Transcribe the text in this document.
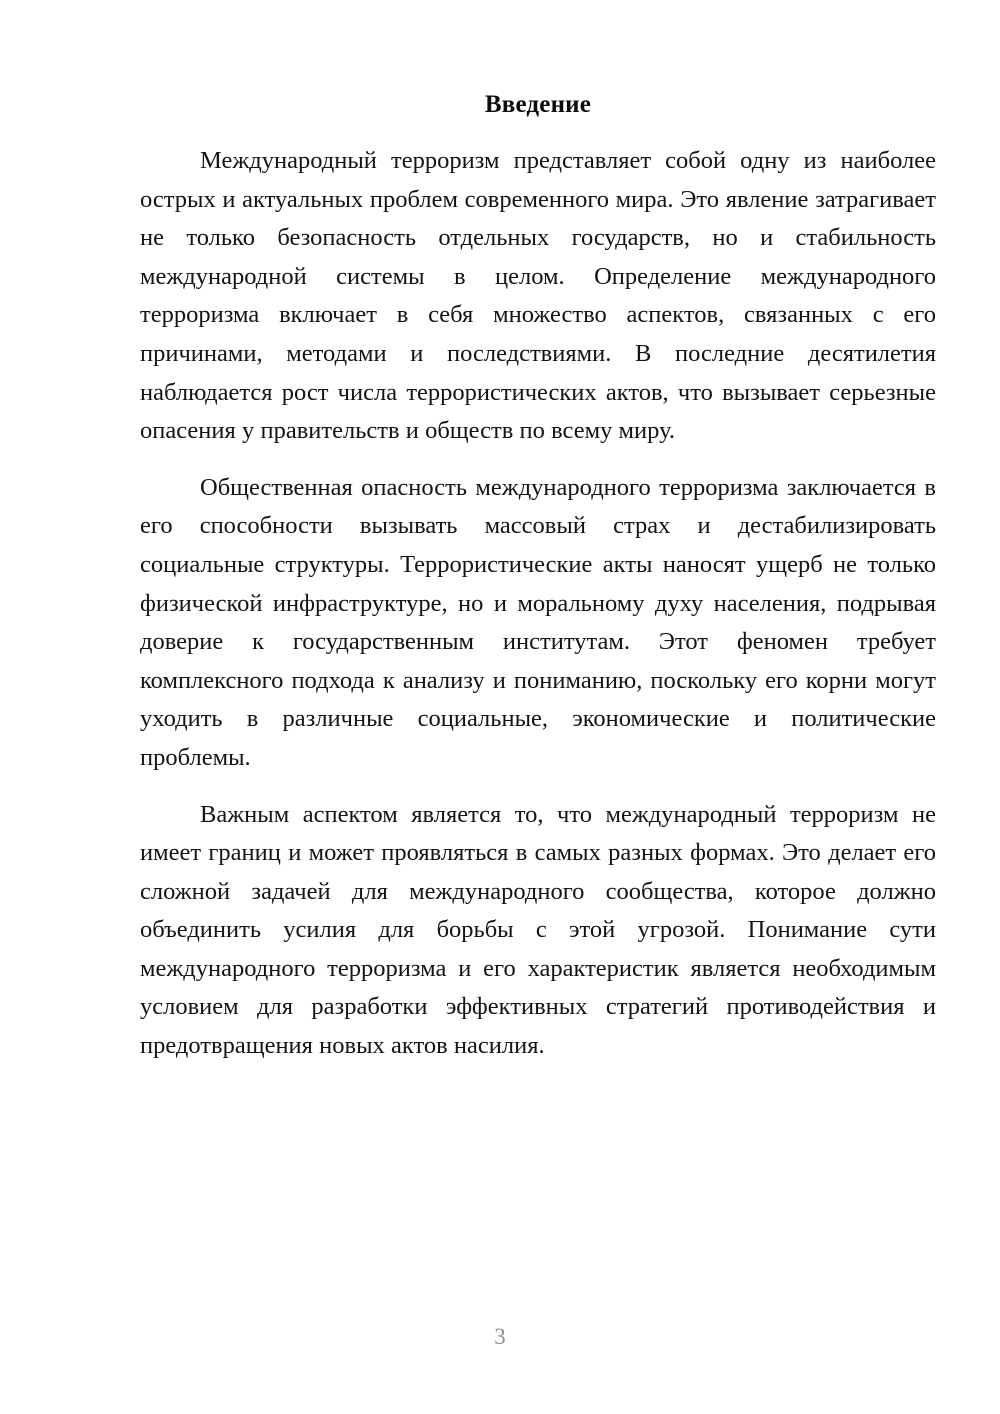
Введение

Международный терроризм представляет собой одну из наиболее острых и актуальных проблем современного мира. Это явление затрагивает не только безопасность отдельных государств, но и стабильность международной системы в целом. Определение международного терроризма включает в себя множество аспектов, связанных с его причинами, методами и последствиями. В последние десятилетия наблюдается рост числа террористических актов, что вызывает серьезные опасения у правительств и обществ по всему миру.

Общественная опасность международного терроризма заключается в его способности вызывать массовый страх и дестабилизировать социальные структуры. Террористические акты наносят ущерб не только физической инфраструктуре, но и моральному духу населения, подрывая доверие к государственным институтам. Этот феномен требует комплексного подхода к анализу и пониманию, поскольку его корни могут уходить в различные социальные, экономические и политические проблемы.

Важным аспектом является то, что международный терроризм не имеет границ и может проявляться в самых разных формах. Это делает его сложной задачей для международного сообщества, которое должно объединить усилия для борьбы с этой угрозой. Понимание сути международного терроризма и его характеристик является необходимым условием для разработки эффективных стратегий противодействия и предотвращения новых актов насилия.

3
